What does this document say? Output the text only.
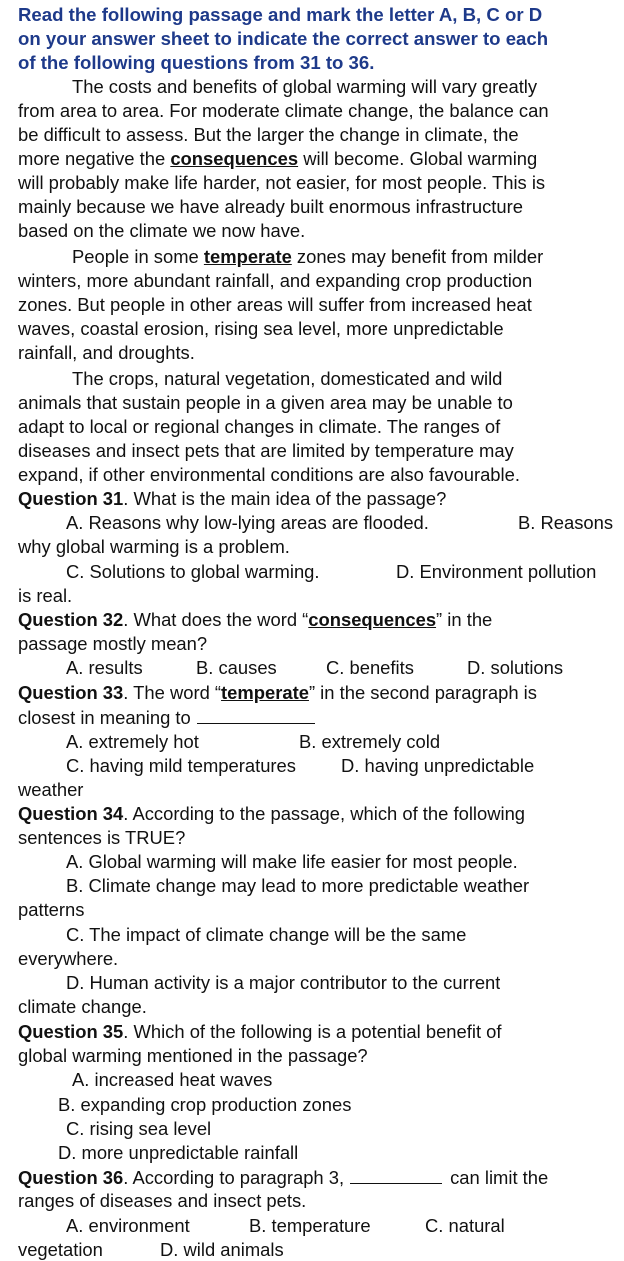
Read the following passage and mark the letter A, B, C or D
on your answer sheet to indicate the correct answer to each
of the following questions from 31 to 36.
The costs and benefits of global warming will vary greatly
from area to area. For moderate climate change, the balance can
be difficult to assess. But the larger the change in climate, the
more negative the consequences will become. Global warming
will probably make life harder, not easier, for most people. This is
mainly because we have already built enormous infrastructure
based on the climate we now have.
People in some temperate zones may benefit from milder
winters, more abundant rainfall, and expanding crop production
zones. But people in other areas will suffer from increased heat
waves, coastal erosion, rising sea level, more unpredictable
rainfall, and droughts.
The crops, natural vegetation, domesticated and wild
animals that sustain people in a given area may be unable to
adapt to local or regional changes in climate. The ranges of
diseases and insect pets that are limited by temperature may
expand, if other environmental conditions are also favourable.
Question 31. What is the main idea of the passage?
A. Reasons why low-lying areas are flooded.	B. Reasons
why global warming is a problem.
C. Solutions to global warming.	D. Environment pollution
is real.
Question 32. What does the word “consequences” in the
passage mostly mean?
A. results	B. causes	C. benefits	D. solutions
Question 33. The word “temperate” in the second paragraph is
closest in meaning to
A. extremely hot	B. extremely cold
C. having mild temperatures D. having unpredictable
weather
Question 34. According to the passage, which of the following
sentences is TRUE?
A. Global warming will make life easier for most people.
B. Climate change may lead to more predictable weather
patterns
C. The impact of climate change will be the same
everywhere.
D. Human activity is a major contributor to the current
climate change.
Question 35. Which of the following is a potential benefit of
global warming mentioned in the passage?
A. increased heat waves
B. expanding crop production zones
C. rising sea level
D. more unpredictable rainfall
Question 36. According to paragraph 3,	can limit the
ranges of diseases and insect pets.
A. environment	B. temperature	C. natural
vegetation	D. wild animals
